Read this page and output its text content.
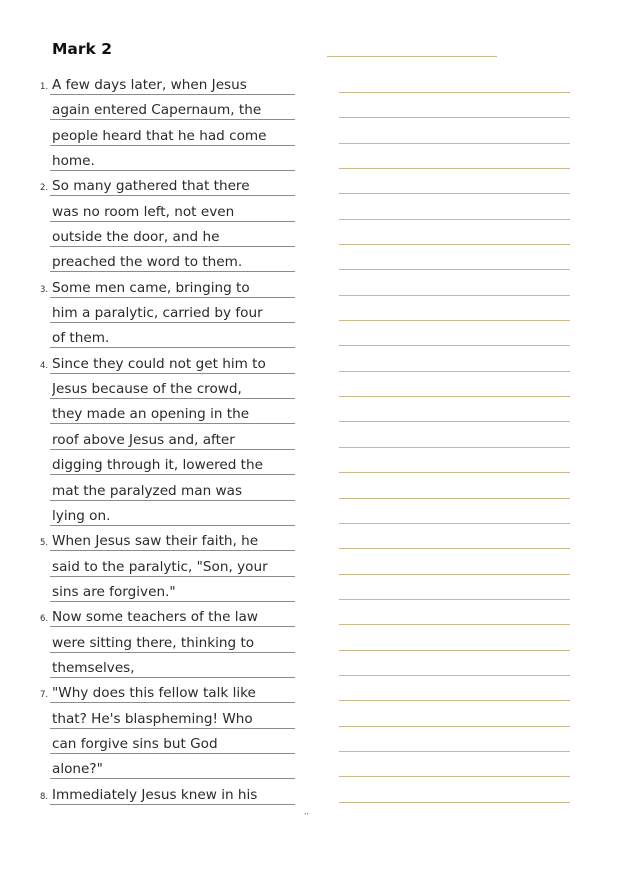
Mark 2
1. A few days later, when Jesus
again entered Capernaum, the
people heard that he had come
home.
2. So many gathered that there
was no room left, not even
outside the door, and he
preached the word to them.
3. Some men came, bringing to
him a paralytic, carried by four
of them.
4. Since they could not get him to
Jesus because of the crowd,
they made an opening in the
roof above Jesus and, after
digging through it, lowered the
mat the paralyzed man was
lying on.
5. When Jesus saw their faith, he
said to the paralytic, "Son, your
sins are forgiven."
6. Now some teachers of the law
were sitting there, thinking to
themselves,
7. "Why does this fellow talk like
that? He's blaspheming! Who
can forgive sins but God
alone?"
8. Immediately Jesus knew in his
’’
